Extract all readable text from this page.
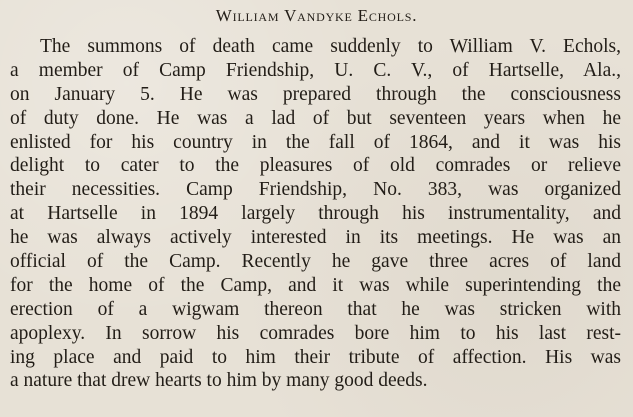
William Vandyke Echols.
The summons of death came suddenly to William V. Echols,
a member of Camp Friendship, U. C. V., of Hartselle, Ala.,
on January 5. He was prepared through the consciousness
of duty done. He was a lad of but seventeen years when he
enlisted for his country in the fall of 1864, and it was his
delight to cater to the pleasures of old comrades or relieve
their necessities. Camp Friendship, No. 383, was organized
at Hartselle in 1894 largely through his instrumentality, and
he was always actively interested in its meetings. He was an
official of the Camp. Recently he gave three acres of land
for the home of the Camp, and it was while superintending the
erection of a wigwam thereon that he was stricken with
apoplexy. In sorrow his comrades bore him to his last rest-
ing place and paid to him their tribute of affection. His was
a nature that drew hearts to him by many good deeds.
